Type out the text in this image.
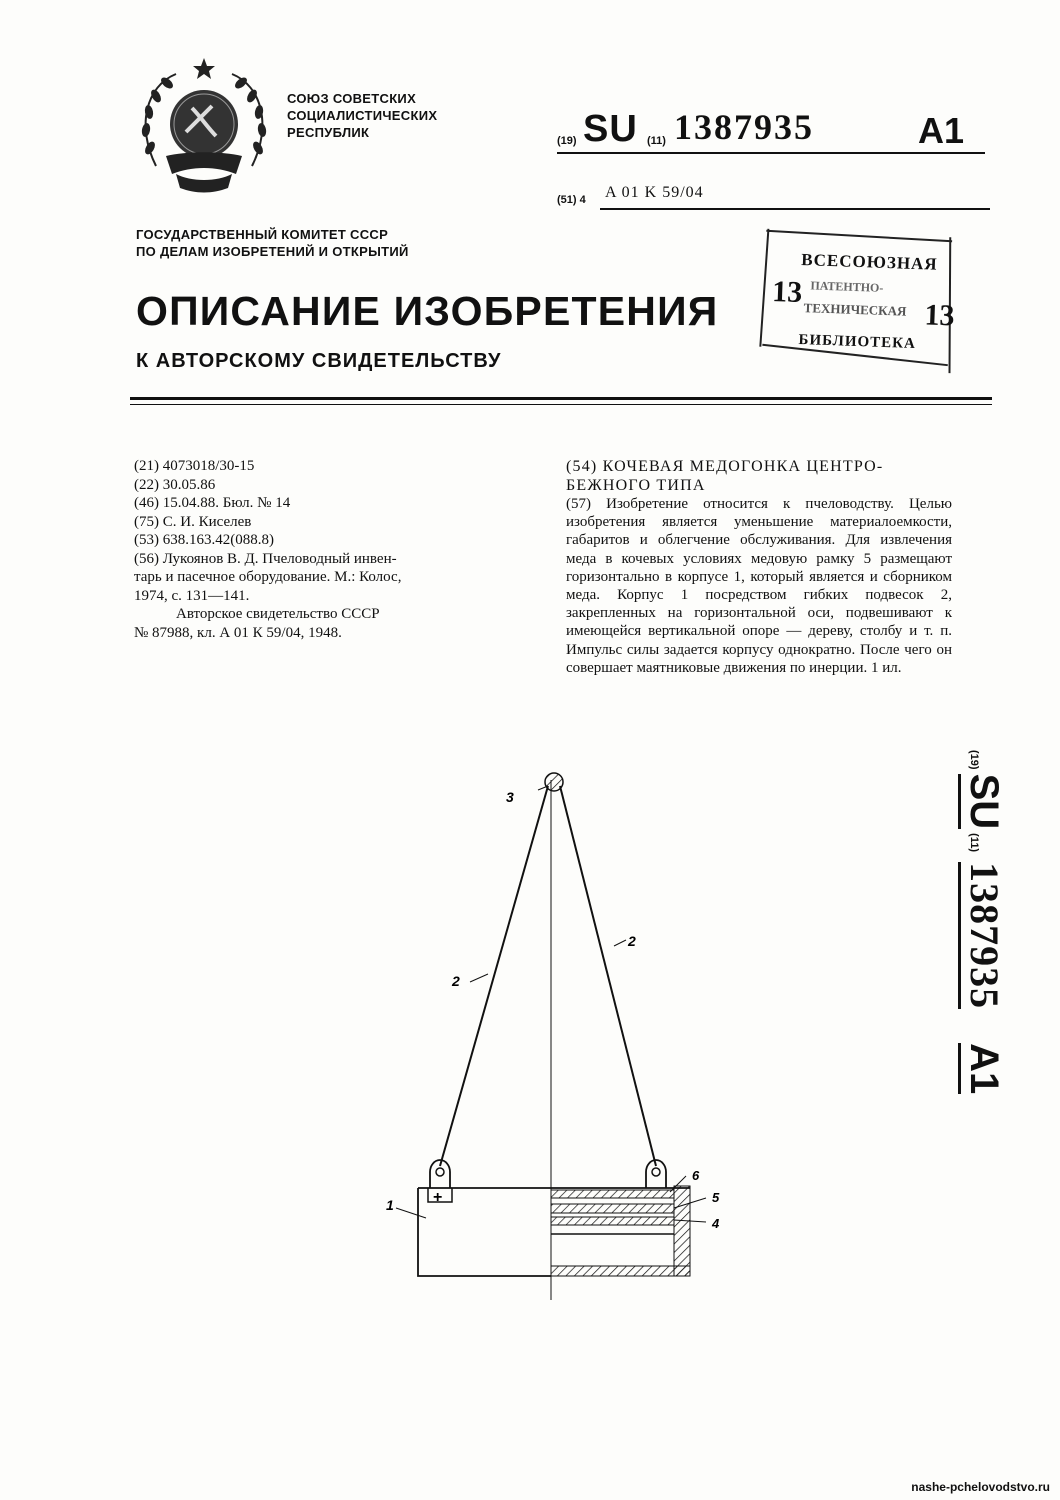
СОЮЗ СОВЕТСКИХ
СОЦИАЛИСТИЧЕСКИХ
РЕСПУБЛИК
(19) SU (11) 1387935	A1
(51) 4 A 01 K 59/04
ГОСУДАРСТВЕННЫЙ КОМИТЕТ СССР
ПО ДЕЛАМ ИЗОБРЕТЕНИЙ И ОТКРЫТИЙ
ОПИСАНИЕ ИЗОБРЕТЕНИЯ
К АВТОРСКОМУ СВИДЕТЕЛЬСТВУ
ВСЕСОЮЗНАЯ
ПАТЕНТНО-
ТЕХНИЧЕСКАЯ
БИБЛИОТЕКА
13
13
(21) 4073018/30-15
(22) 30.05.86
(46) 15.04.88. Бюл. № 14
(75) С. И. Киселев
(53) 638.163.42(088.8)
(56) Лукоянов В. Д. Пчеловодный инвен-
тарь и пасечное оборудование. М.: Колос,
1974, с. 131—141.
Авторское свидетельство СССР
№ 87988, кл. А 01 К 59/04, 1948.
(54) КОЧЕВАЯ МЕДОГОНКА ЦЕНТРО-
БЕЖНОГО ТИПА
(57) Изобретение относится к пчеловодству. Целью изобретения является уменьшение материалоемкости, габаритов и облегчение обслуживания. Для извлечения меда в кочевых условиях медовую рамку 5 размещают горизонтально в корпусе 1, который является и сборником меда. Корпус 1 посредством гибких подвесок 2, закрепленных на горизонтальной оси, подвешивают к имеющейся вертикальной опоре — дереву, столбу и т. п. Импульс силы задается корпусу однократно. После чего он совершает маятниковые движения по инерции. 1 ил.
(19)
SU
(11)
1387935
A1
+
3
2
2
1
6
5
4
nashe-pchelovodstvo.ru
